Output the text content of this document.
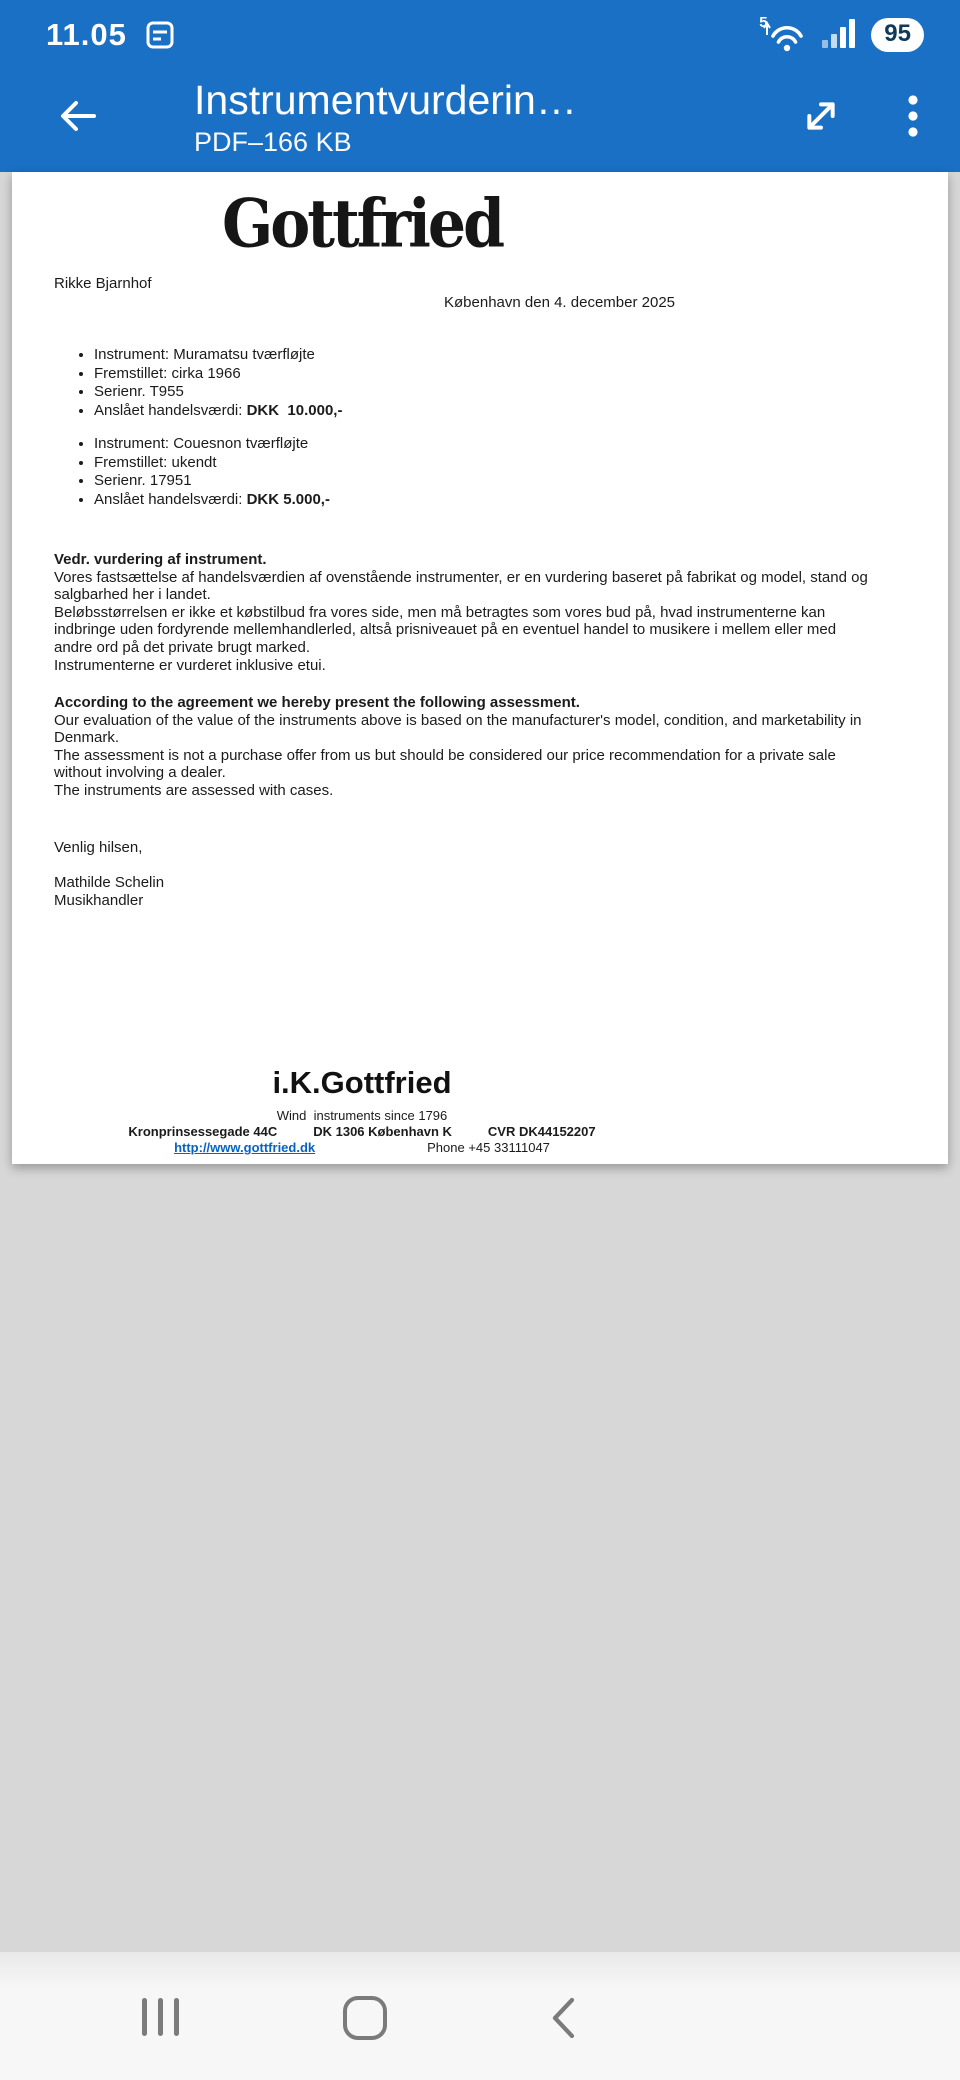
11.05	5	95
Instrumentvurderin…
PDF–166 KB
Gottfried
Rikke Bjarnhof
København den 4. december 2025
• Instrument: Muramatsu tværfløjte
• Fremstillet: cirka 1966
• Serienr. T955
• Anslået handelsværdi: DKK  10.000,-
• Instrument: Couesnon tværfløjte
• Fremstillet: ukendt
• Serienr. 17951
• Anslået handelsværdi: DKK 5.000,-
Vedr. vurdering af instrument.
Vores fastsættelse af handelsværdien af ovenstående instrumenter, er en vurdering baseret på fabrikat og model, stand og salgbarhed her i landet.
Beløbsstørrelsen er ikke et købstilbud fra vores side, men må betragtes som vores bud på, hvad instrumenterne kan indbringe uden fordyrende mellemhandlerled, altså prisniveauet på en eventuel handel to musikere i mellem eller med andre ord på det private brugt marked.
Instrumenterne er vurderet inklusive etui.
According to the agreement we hereby present the following assessment.
Our evaluation of the value of the instruments above is based on the manufacturer's model, condition, and marketability in Denmark.
The assessment is not a purchase offer from us but should be considered our price recommendation for a private sale without involving a dealer.
The instruments are assessed with cases.
Venlig hilsen,
Mathilde Schelin
Musikhandler
i.K.Gottfried
Wind  instruments since 1796
Kronprinsessegade 44C	DK 1306 København K	CVR DK44152207
http://www.gottfried.dk	Phone +45 33111047
